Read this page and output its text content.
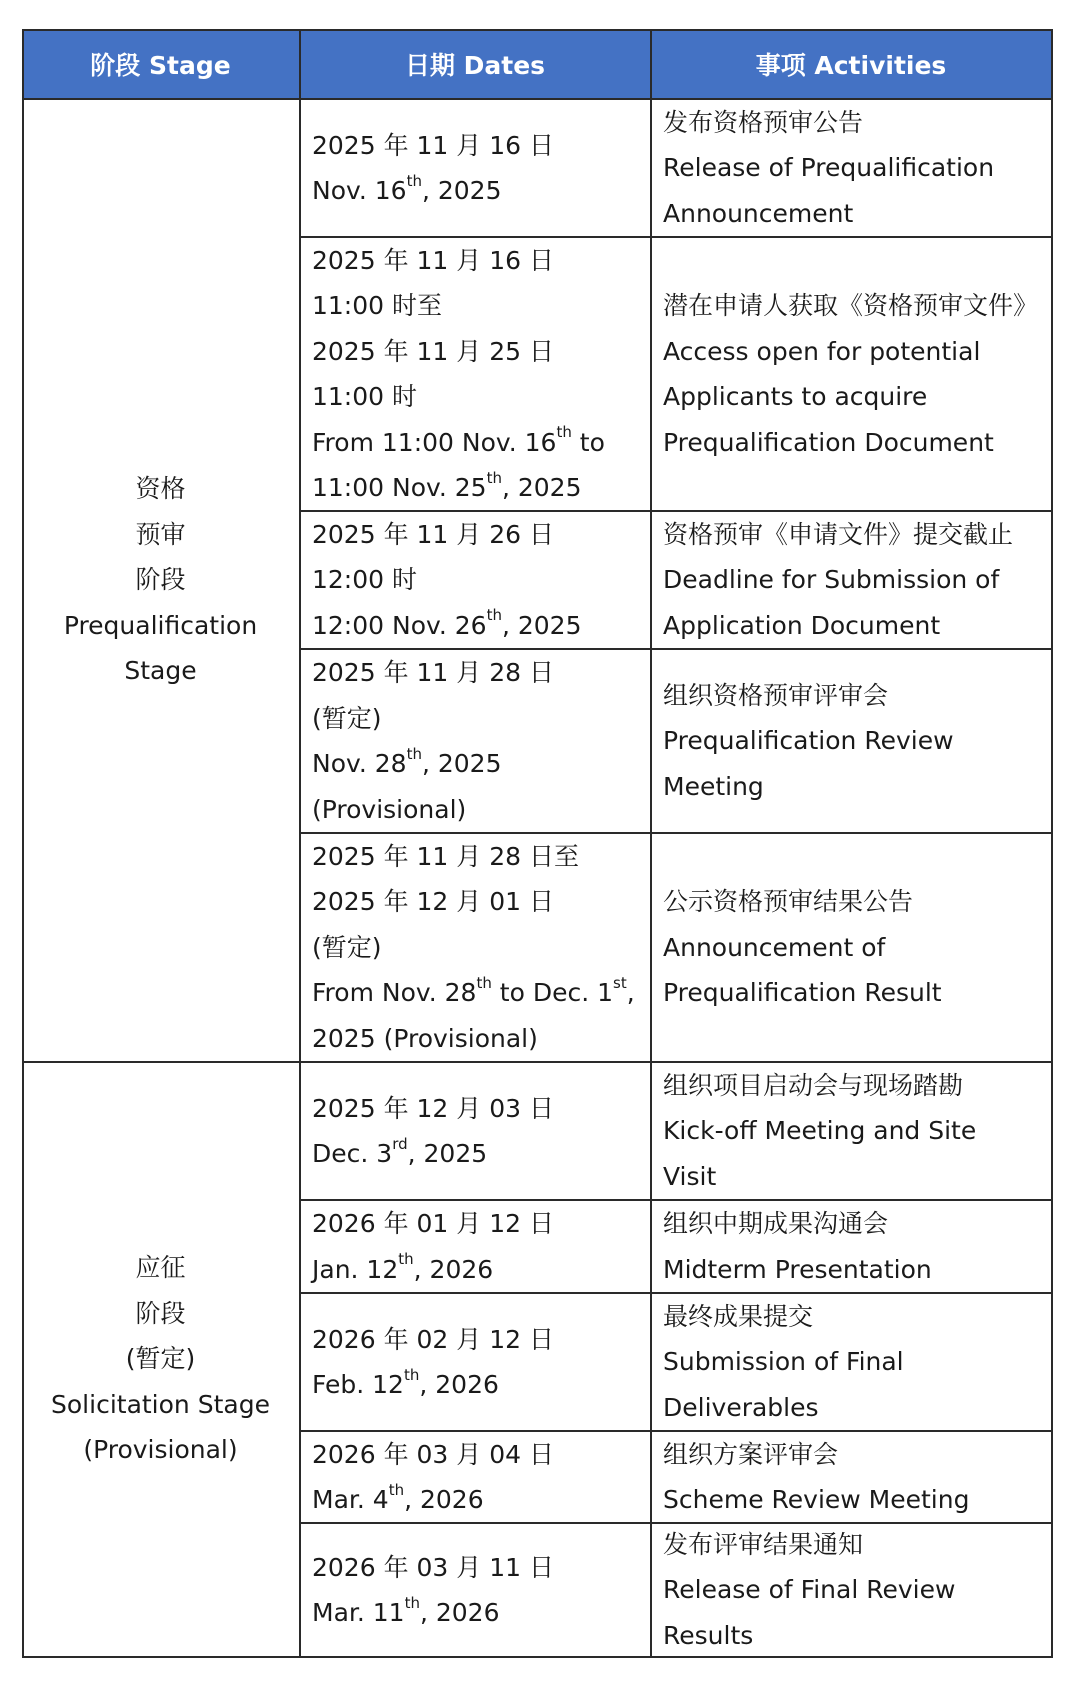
阶段 Stage	日期 Dates	事项 Activities
资格
预审
阶段
Prequalification
Stage
应征
阶段
(暂定)
Solicitation Stage
(Provisional)
2025 年 11 月 16 日
Nov. 16th, 2025
发布资格预审公告
Release of Prequalification
Announcement
2025 年 11 月 16 日
11:00 时至
2025 年 11 月 25 日
11:00 时
From 11:00 Nov. 16th to
11:00 Nov. 25th, 2025
潜在申请人获取《资格预审文件》
Access open for potential
Applicants to acquire
Prequalification Document
2025 年 11 月 26 日
12:00 时
12:00 Nov. 26th, 2025
资格预审《申请文件》提交截止
Deadline for Submission of
Application Document
2025 年 11 月 28 日
(暂定)
Nov. 28th, 2025
(Provisional)
组织资格预审评审会
Prequalification Review
Meeting
2025 年 11 月 28 日至
2025 年 12 月 01 日
(暂定)
From Nov. 28th to Dec. 1st,
2025 (Provisional)
公示资格预审结果公告
Announcement of
Prequalification Result
2025 年 12 月 03 日
Dec. 3rd, 2025
组织项目启动会与现场踏勘
Kick-off Meeting and Site
Visit
2026 年 01 月 12 日
Jan. 12th, 2026
组织中期成果沟通会
Midterm Presentation
2026 年 02 月 12 日
Feb. 12th, 2026
最终成果提交
Submission of Final
Deliverables
2026 年 03 月 04 日
Mar. 4th, 2026
组织方案评审会
Scheme Review Meeting
2026 年 03 月 11 日
Mar. 11th, 2026
发布评审结果通知
Release of Final Review
Results
